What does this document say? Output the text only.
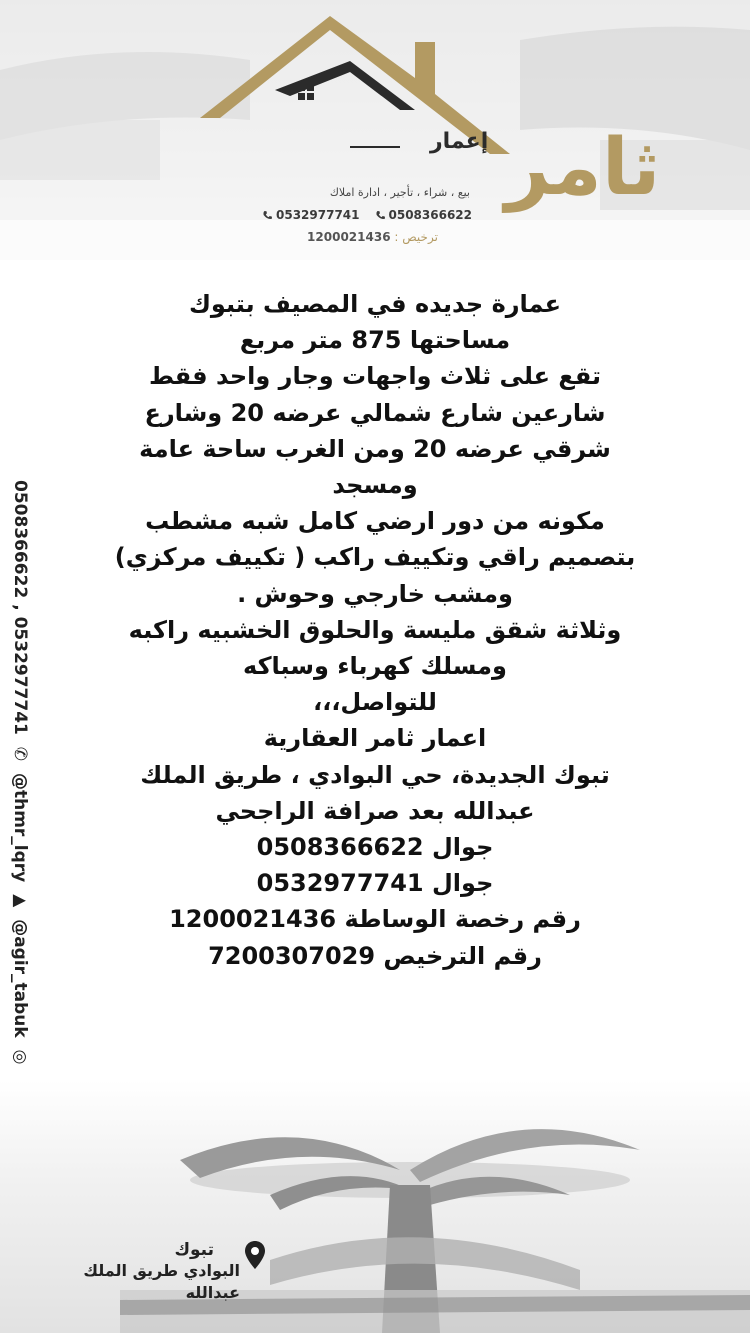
ثامر
إعمار
بيع ، شراء ، تأجير ، ادارة املاك
0532977741 0508366622
ترخيص : 1200021436
عمارة جديده في المصيف بتبوك
مساحتها 875 متر مربع
تقع على ثلاث واجهات وجار واحد فقط
شارعين شارع شمالي عرضه 20 وشارع
شرقي عرضه 20 ومن الغرب ساحة عامة
ومسجد
مكونه من دور ارضي كامل شبه مشطب
بتصميم راقي وتكييف راكب ( تكييف مركزي)
ومشب خارجي وحوش .
وثلاثة شقق مليسة والحلوق الخشبيه راكبه
ومسلك كهرباء وسباكه
للتواصل،،،
اعمار ثامر العقارية
تبوك الجديدة، حي البوادي ، طريق الملك
عبدالله بعد صرافة الراجحي
جوال 0508366622
جوال 0532977741
رقم رخصة الوساطة 1200021436
رقم الترخيص 7200307029
0508366622 , 0532977741 ✆ @thmr_lqry ▲ @agir_tabuk ◎
تبوك
البوادي طريق الملك عبدالله
